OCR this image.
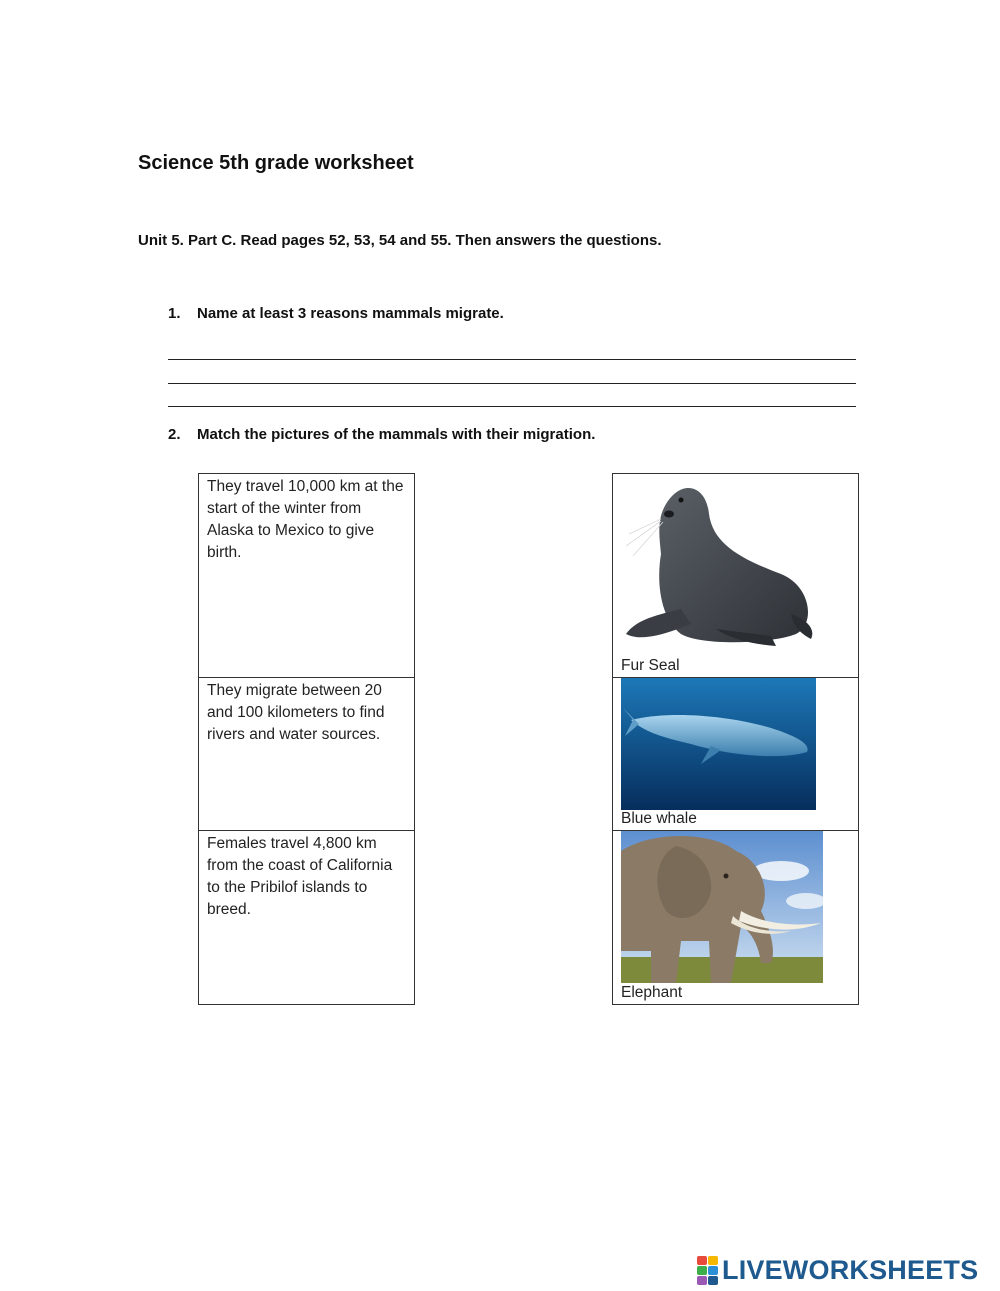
Science 5th grade worksheet
Unit 5. Part C. Read pages 52, 53, 54 and 55. Then answers the questions.
1. Name at least 3 reasons mammals migrate.
2. Match the pictures of the mammals with their migration.
They travel 10,000 km at the start of the winter from Alaska to Mexico to give birth.
They migrate between 20 and 100 kilometers to find rivers and water sources.
Females travel 4,800 km from the coast of California to the Pribilof islands to breed.
Fur Seal
Blue whale
Elephant
LIVEWORKSHEETS
